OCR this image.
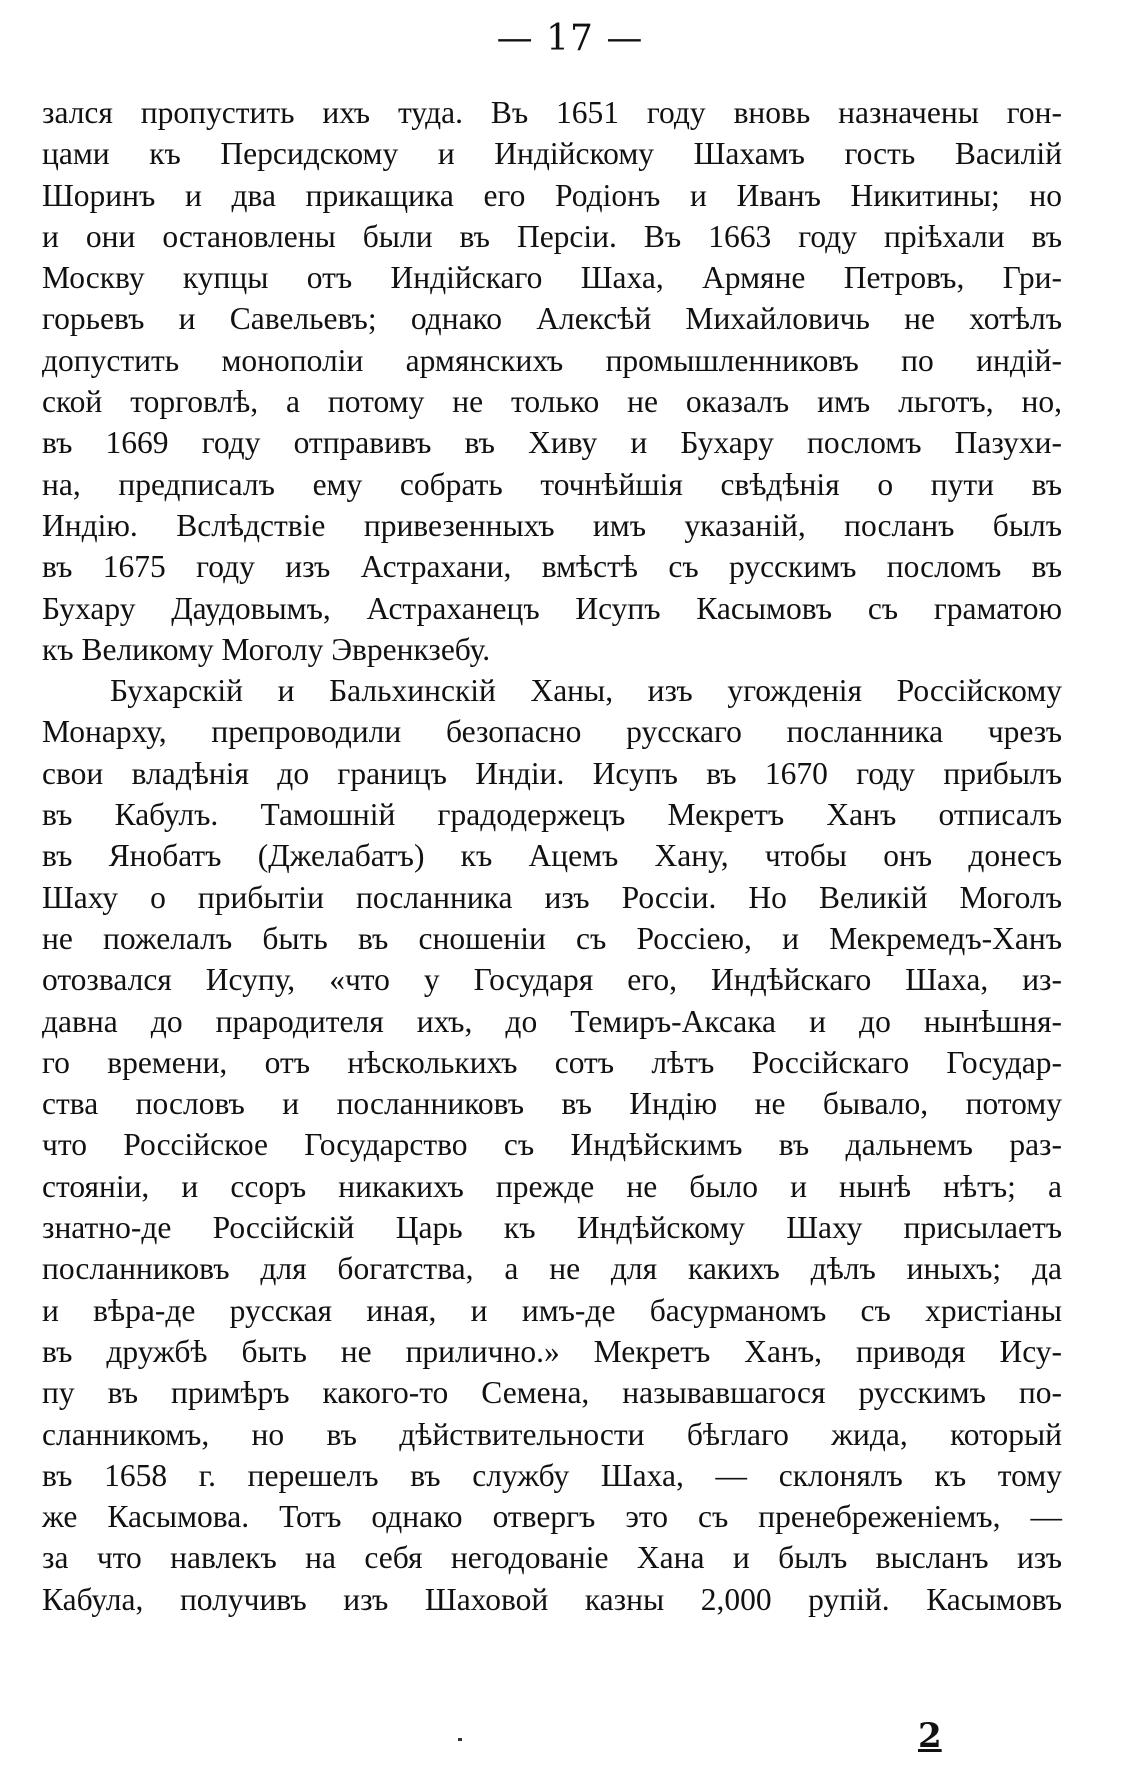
— 17 —
зался пропустить ихъ туда. Въ 1651 году вновь назначены гон-
цами къ Персидскому и Индійскому Шахамъ гость Василій
Шоринъ и два прикащика его Родіонъ и Иванъ Никитины; но
и они остановлены были въ Персіи. Въ 1663 году пріѣхали въ
Москву купцы отъ Индійскаго Шаха, Армяне Петровъ, Гри-
горьевъ и Савельевъ; однако Алексѣй Михайловичь не хотѣлъ
допустить монополіи армянскихъ промышленниковъ по индій-
ской торговлѣ, а потому не только не оказалъ имъ льготъ, но,
въ 1669 году отправивъ въ Хиву и Бухару посломъ Пазухи-
на, предписалъ ему собрать точнѣйшія свѣдѣнія о пути въ
Индію. Вслѣдствіе привезенныхъ имъ указаній, посланъ былъ
въ 1675 году изъ Астрахани, вмѣстѣ съ русскимъ посломъ въ
Бухару Даудовымъ, Астраханецъ Исупъ Касымовъ съ граматою
къ Великому Моголу Эвренкзебу.
Бухарскій и Бальхинскій Ханы, изъ угожденія Россійскому
Монарху, препроводили безопасно русскаго посланника чрезъ
свои владѣнія до границъ Индіи. Исупъ въ 1670 году прибылъ
въ Кабулъ. Тамошній градодержецъ Мекретъ Ханъ отписалъ
въ Янобатъ (Джелабатъ) къ Ацемъ Хану, чтобы онъ донесъ
Шаху о прибытіи посланника изъ Россіи. Но Великій Моголъ
не пожелалъ быть въ сношеніи съ Россіею, и Мекремедъ-Ханъ
отозвался Исупу, «что у Государя его, Индѣйскаго Шаха, из-
давна до прародителя ихъ, до Темиръ-Аксака и до нынѣшня-
го времени, отъ нѣсколькихъ сотъ лѣтъ Россійскаго Государ-
ства пословъ и посланниковъ въ Индію не бывало, потому
что Россійское Государство съ Индѣйскимъ въ дальнемъ раз-
стояніи, и ссоръ никакихъ прежде не было и нынѣ нѣтъ; а
знатно-де Россійскій Царь къ Индѣйскому Шаху присылаетъ
посланниковъ для богатства, а не для какихъ дѣлъ иныхъ; да
и вѣра-де русская иная, и имъ-де басурманомъ съ христіаны
въ дружбѣ быть не прилично.» Мекретъ Ханъ, приводя Ису-
пу въ примѣръ какого-то Семена, называвшагося русскимъ по-
сланникомъ, но въ дѣйствительности бѣглаго жида, который
въ 1658 г. перешелъ въ службу Шаха, — склонялъ къ тому
же Касымова. Тотъ однако отвергъ это съ пренебреженіемъ, —
за что навлекъ на себя негодованіе Хана и былъ высланъ изъ
Кабула, получивъ изъ Шаховой казны 2,000 рупій. Касымовъ
2
